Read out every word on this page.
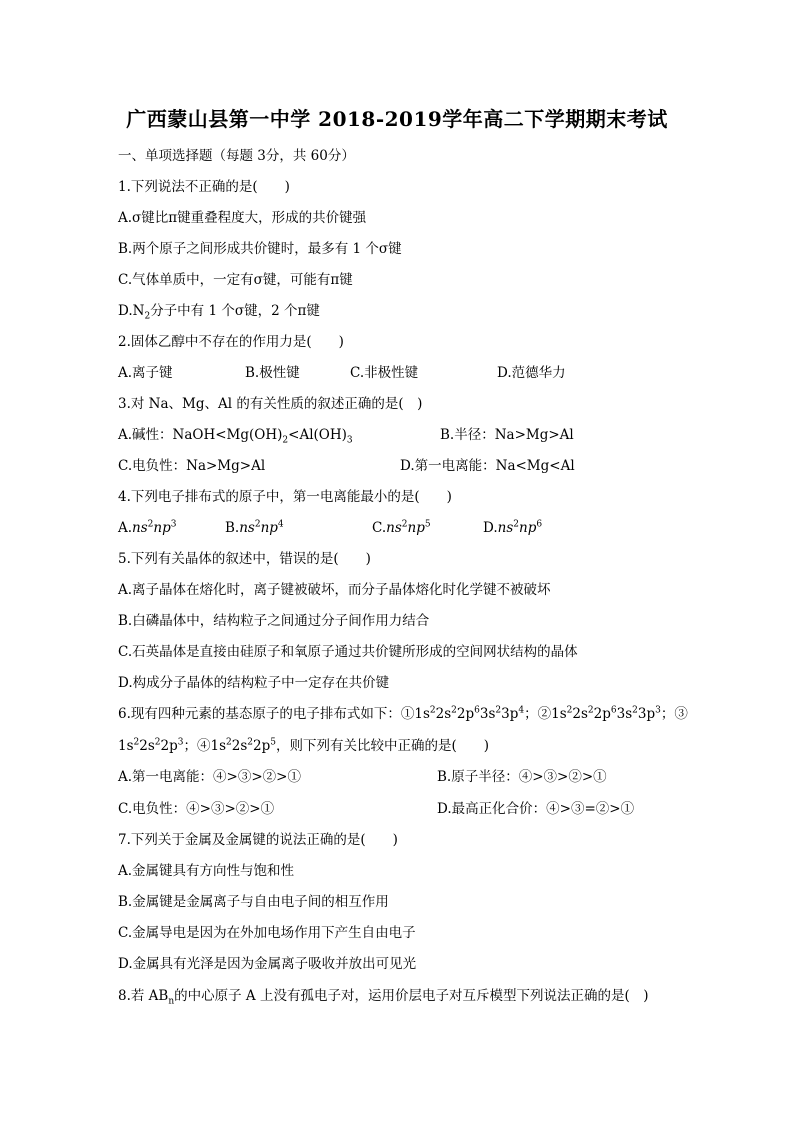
广西蒙山县第一中学 2018-2019学年高二下学期期末考试
一、单项选择题（每题 3分，共 60分）
1.下列说法不正确的是(　　)
A.σ键比π键重叠程度大，形成的共价键强
B.两个原子之间形成共价键时，最多有 1 个σ键
C.气体单质中，一定有σ键，可能有π键
$D.N_2$分子中有 1 个σ键，2 个π键
2.固体乙醇中不存在的作用力是(　　)
A.离子键	B.极性键	C.非极性键	D.范德华力
3.对 Na、Mg、Al 的有关性质的叙述正确的是(　)
A.碱性：$NaOH<Mg(OH)_2<Al(OH)_3$	B.半径：Na>Mg>Al
C.电负性：Na>Mg>Al	D.第一电离能：Na<Mg<Al
4.下列电子排布式的原子中，第一电离能最小的是(　　)
$A.ns^2np^3$	$B.ns^2np^4$	$C.ns^2np^5$	$D.ns^2np^6$
5.下列有关晶体的叙述中，错误的是(　　)
A.离子晶体在熔化时，离子键被破坏，而分子晶体熔化时化学键不被破坏
B.白磷晶体中，结构粒子之间通过分子间作用力结合
C.石英晶体是直接由硅原子和氧原子通过共价键所形成的空间网状结构的晶体
D.构成分子晶体的结构粒子中一定存在共价键
6.现有四种元素的基态原子的电子排布式如下：$①1s^22s^22p^63s^23p^4$；$②1s^22s^22p^63s^23p^3$；③
$1s^22s^22p^3$；$④1s^22s^22p^5$，则下列有关比较中正确的是(　　)
A.第一电离能：④>③>②>①	B.原子半径：④>③>②>①
C.电负性：④>③>②>①	D.最高正化合价：④>③=②>①
7.下列关于金属及金属键的说法正确的是(　　)
A.金属键具有方向性与饱和性
B.金属键是金属离子与自由电子间的相互作用
C.金属导电是因为在外加电场作用下产生自由电子
D.金属具有光泽是因为金属离子吸收并放出可见光
8.若 $AB_n$的中心原子 A 上没有孤电子对，运用价层电子对互斥模型下列说法正确的是(　)
